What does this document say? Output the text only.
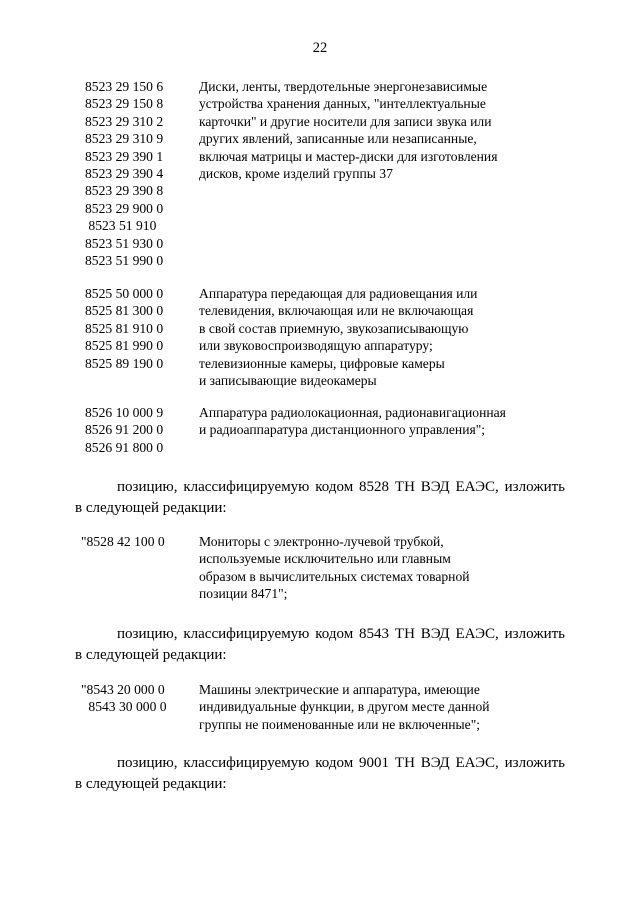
22
8523 29 150 6
8523 29 150 8
8523 29 310 2
8523 29 310 9
8523 29 390 1
8523 29 390 4
8523 29 390 8
8523 29 900 0
8523 51 910
8523 51 930 0
8523 51 990 0
Диски, ленты, твердотельные энергонезависимые
устройства хранения данных, "интеллектуальные
карточки" и другие носители для записи звука или
других явлений, записанные или незаписанные,
включая матрицы и мастер-диски для изготовления
дисков, кроме изделий группы 37
8525 50 000 0
8525 81 300 0
8525 81 910 0
8525 81 990 0
8525 89 190 0
Аппаратура передающая для радиовещания или
телевидения, включающая или не включающая
в свой состав приемную, звукозаписывающую
или звуковоспроизводящую аппаратуру;
телевизионные камеры, цифровые камеры
и записывающие видеокамеры
8526 10 000 9
8526 91 200 0
8526 91 800 0
Аппаратура радиолокационная, радионавигационная
и радиоаппаратура дистанционного управления";
позицию, классифицируемую кодом 8528 ТН ВЭД ЕАЭС, изложить
в следующей редакции:
"8528 42 100 0	Мониторы с электронно-лучевой трубкой,
используемые исключительно или главным
образом в вычислительных системах товарной
позиции 8471";
позицию, классифицируемую кодом 8543 ТН ВЭД ЕАЭС, изложить
в следующей редакции:
"8543 20 000 0
8543 30 000 0
Машины электрические и аппаратура, имеющие
индивидуальные функции, в другом месте данной
группы не поименованные или не включенные";
позицию, классифицируемую кодом 9001 ТН ВЭД ЕАЭС, изложить
в следующей редакции:
